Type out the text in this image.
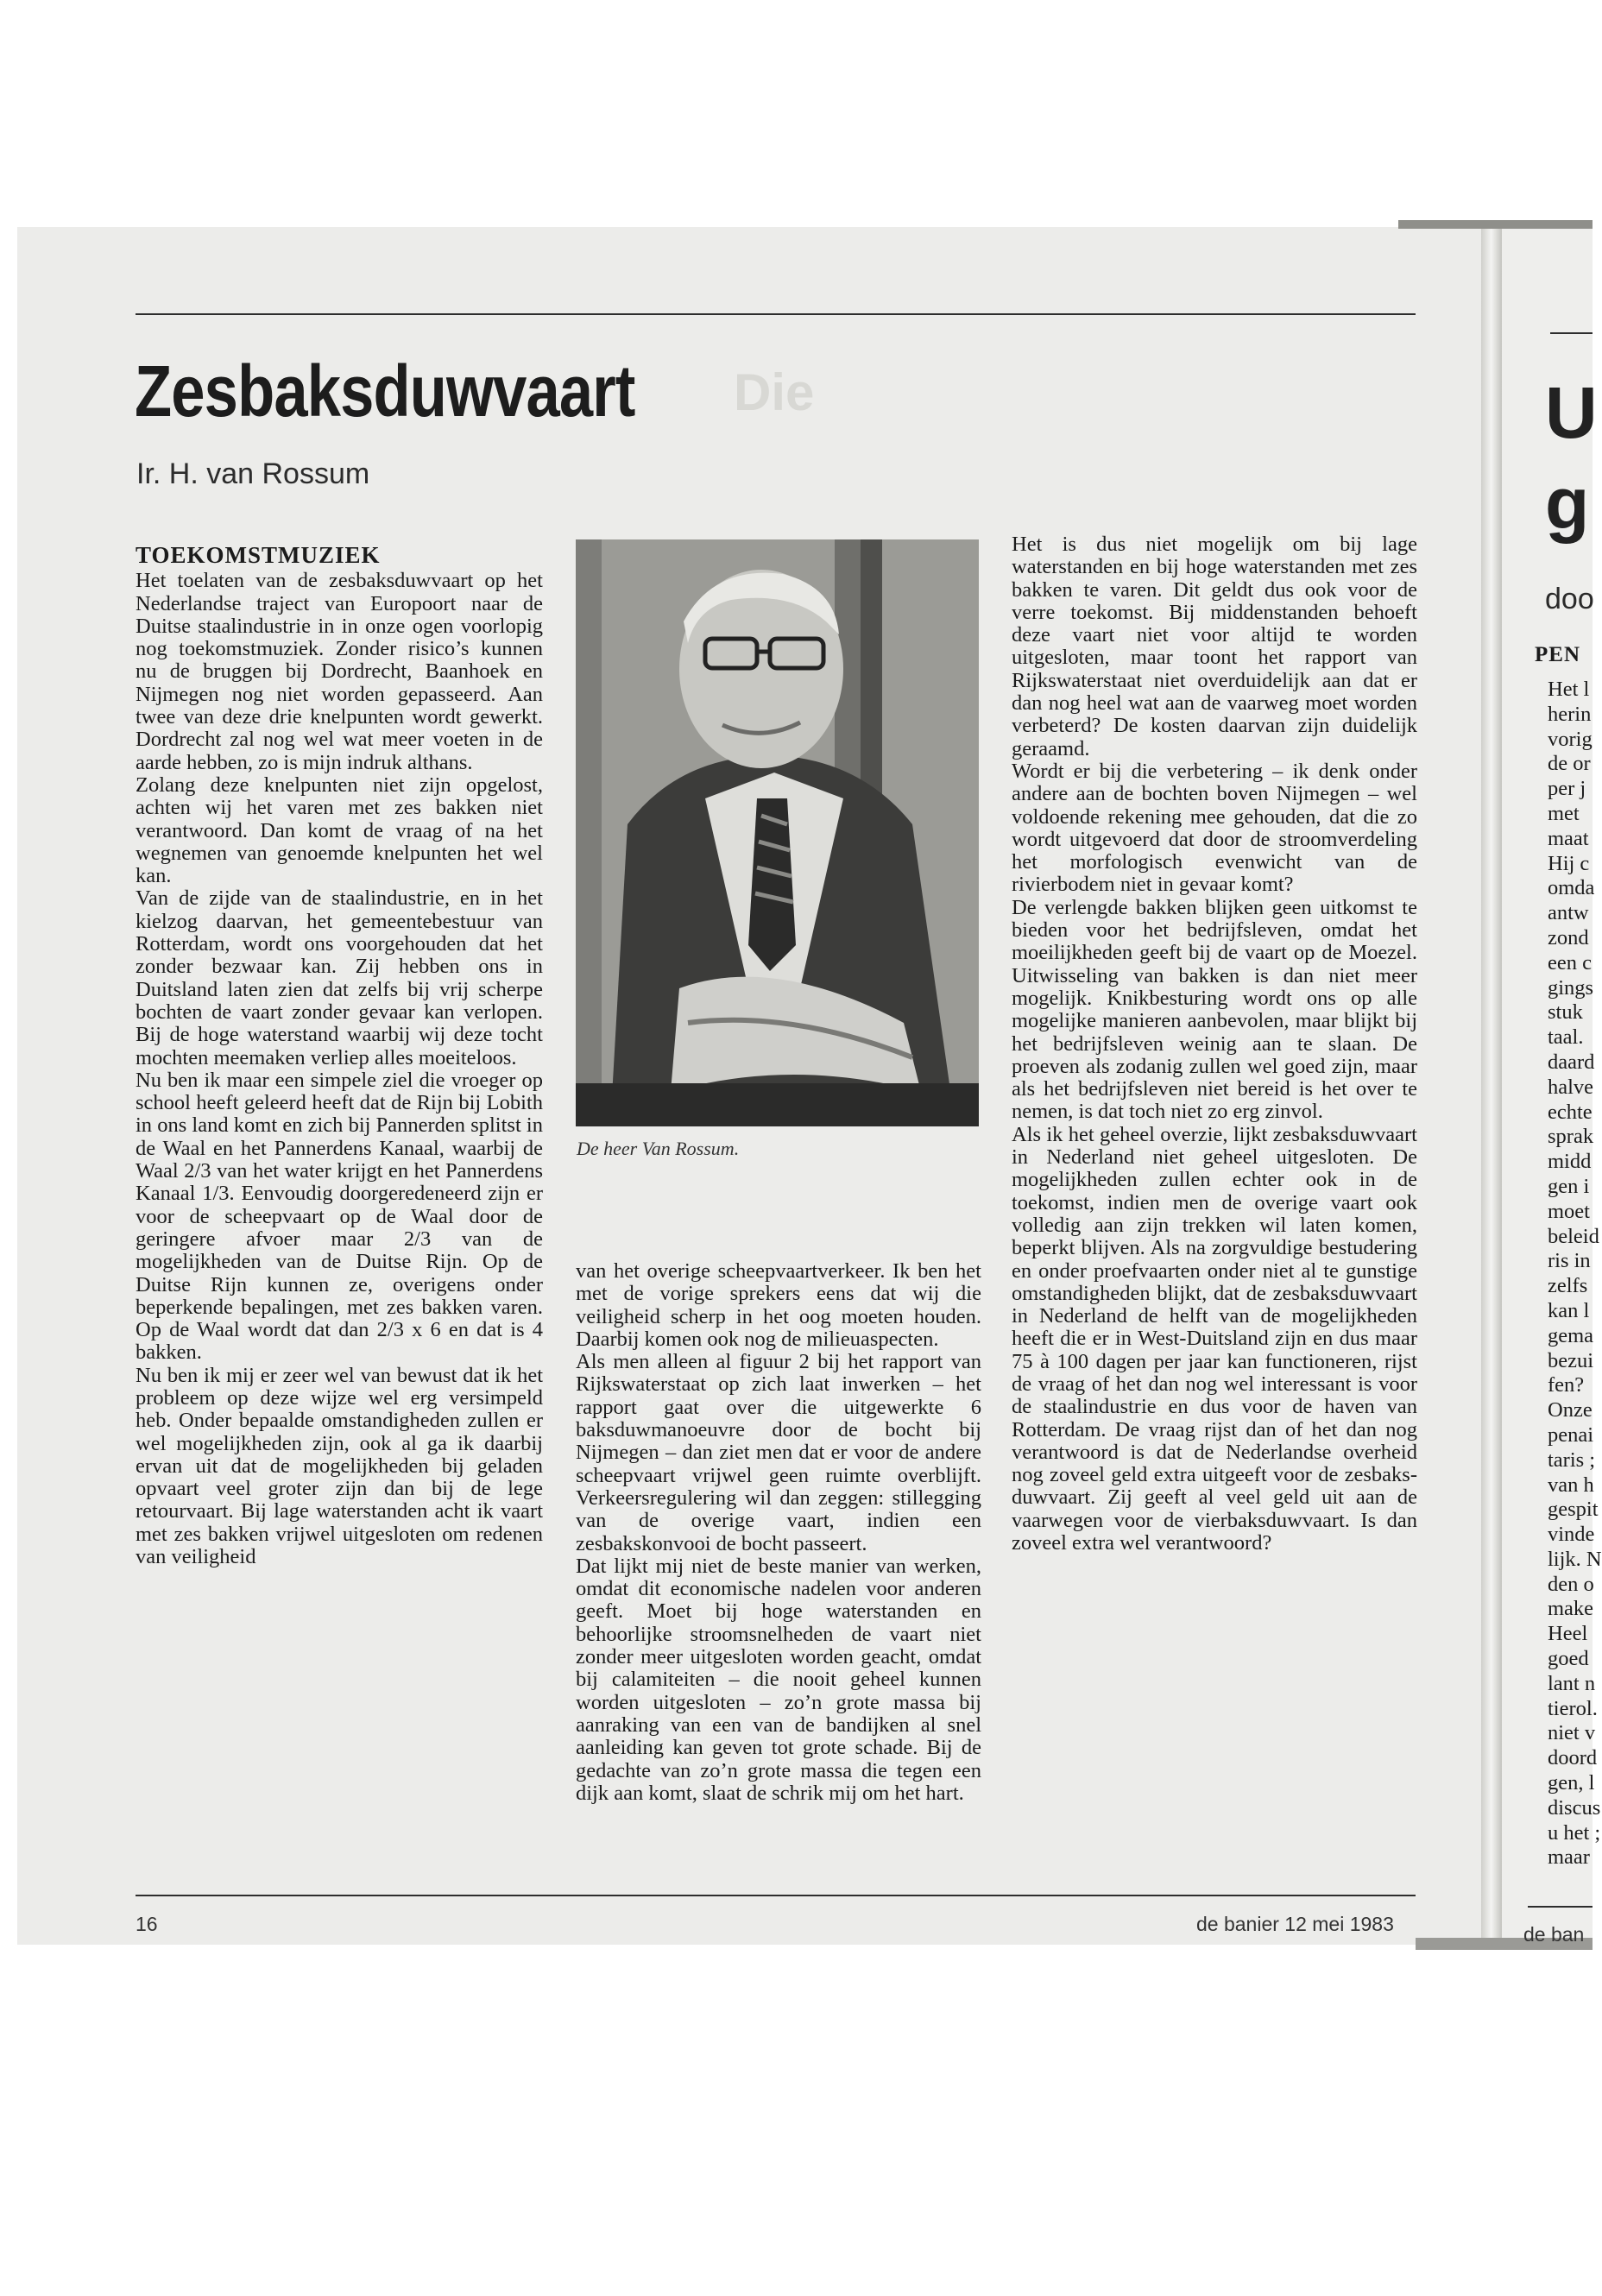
Die
Zesbaksduwvaart
Ir. H. van Rossum
TOEKOMSTMUZIEK

Het toelaten van de zesbaksduwvaart op het Nederlandse traject van Europoort naar de Duitse staalindustrie in in onze ogen voorlopig nog toekomstmuziek. Zonder risico’s kunnen nu de bruggen bij Dordrecht, Baanhoek en Nijmegen nog niet worden gepasseerd. Aan twee van deze drie knelpunten wordt gewerkt. Dordrecht zal nog wel wat meer voeten in de aarde hebben, zo is mijn indruk althans.

Zolang deze knelpunten niet zijn opgelost, achten wij het varen met zes bakken niet verantwoord. Dan komt de vraag of na het wegnemen van genoemde knelpunten het wel kan.

Van de zijde van de staalindustrie, en in het kielzog daarvan, het gemeentebestuur van Rotterdam, wordt ons voorgehouden dat het zonder bezwaar kan. Zij hebben ons in Duitsland laten zien dat zelfs bij vrij scherpe bochten de vaart zonder gevaar kan verlopen. Bij de hoge waterstand waarbij wij deze tocht mochten meemaken verliep alles moeiteloos.

Nu ben ik maar een simpele ziel die vroeger op school heeft geleerd heeft dat de Rijn bij Lobith in ons land komt en zich bij Pannerden splitst in de Waal en het Pannerdens Kanaal, waarbij de Waal 2/3 van het water krijgt en het Pannerdens Kanaal 1/3. Eenvoudig doorgeredeneerd zijn er voor de scheepvaart op de Waal door de geringere afvoer maar 2/3 van de mogelijkheden van de Duitse Rijn. Op de Duitse Rijn kunnen ze, overigens onder beperkende bepalingen, met zes bakken varen. Op de Waal wordt dat dan 2/3 x 6 en dat is 4 bakken.

Nu ben ik mij er zeer wel van bewust dat ik het probleem op deze wijze wel erg versimpeld heb. Onder bepaalde omstandigheden zullen er wel mogelijkheden zijn, ook al ga ik daarbij ervan uit dat de mogelijkheden bij geladen opvaart veel groter zijn dan bij de lege retourvaart. Bij lage waterstanden acht ik vaart met zes bakken vrijwel uitgesloten om redenen van veiligheid

De heer Van Rossum.

van het overige scheepvaartverkeer. Ik ben het met de vorige sprekers eens dat wij die veiligheid scherp in het oog moeten houden. Daarbij komen ook nog de milieuaspecten.

Als men alleen al figuur 2 bij het rapport van Rijkswaterstaat op zich laat inwerken – het rapport gaat over die uitgewerkte 6 baksduwmanoeuvre door de bocht bij Nijmegen – dan ziet men dat er voor de andere scheepvaart vrijwel geen ruimte overblijft. Verkeersregulering wil dan zeggen: stillegging van de overige vaart, indien een zesbakskonvooi de bocht passeert.

Dat lijkt mij niet de beste manier van werken, omdat dit economische nadelen voor anderen geeft. Moet bij hoge waterstanden en behoorlijke stroomsnelheden de vaart niet zonder meer uitgesloten worden geacht, omdat bij calamiteiten – die nooit geheel kunnen worden uitgesloten – zo’n grote massa bij aanraking van een van de bandijken al snel aanleiding kan geven tot grote schade. Bij de gedachte van zo’n grote massa die tegen een dijk aan komt, slaat de schrik mij om het hart.

Het is dus niet mogelijk om bij lage waterstanden en bij hoge waterstanden met zes bakken te varen. Dit geldt dus ook voor de verre toekomst. Bij middenstanden behoeft deze vaart niet voor altijd te worden uitgesloten, maar toont het rapport van Rijkswaterstaat niet overduidelijk aan dat er dan nog heel wat aan de vaarweg moet worden verbeterd? De kosten daarvan zijn duidelijk geraamd.

Wordt er bij die verbetering – ik denk onder andere aan de bochten boven Nijmegen – wel voldoende rekening mee gehouden, dat die zo wordt uitgevoerd dat door de stroomverdeling het morfologisch evenwicht van de rivierbodem niet in gevaar komt?

De verlengde bakken blijken geen uitkomst te bieden voor het bedrijfsleven, omdat het moeilijkheden geeft bij de vaart op de Moezel. Uitwisseling van bakken is dan niet meer mogelijk. Knikbesturing wordt ons op alle mogelijke manieren aanbevolen, maar blijkt bij het bedrijfsleven weinig aan te slaan. De proeven als zodanig zullen wel goed zijn, maar als het bedrijfsleven niet bereid is het over te nemen, is dat toch niet zo erg zinvol.

Als ik het geheel overzie, lijkt zesbaksduwvaart in Nederland niet geheel uitgesloten. De mogelijkheden zullen echter ook in de toekomst, indien men de overige vaart ook volledig aan zijn trekken wil laten komen, beperkt blijven. Als na zorgvuldige bestudering en onder proefvaarten onder niet al te gunstige omstandigheden blijkt, dat de zesbaksduwvaart in Nederland de helft van de mogelijkheden heeft die er in West-Duitsland zijn en dus maar 75 à 100 dagen per jaar kan functioneren, rijst de vraag of het dan nog wel interessant is voor de staalindustrie en dus voor de haven van Rotterdam. De vraag rijst dan of het dan nog verantwoord is dat de Nederlandse overheid nog zoveel geld extra uitgeeft voor de zesbaks-duwvaart. Zij geeft al veel geld uit aan de vaarwegen voor de vierbaksduwvaart. Is dan zoveel extra wel verantwoord?

16	de banier 12 mei 1983
U
g
doo
PEN
Het l
herin
vorig
de or
per j
met
maat
Hij c
omda
antw
zond
een c
gings
stuk
taal.
daard
halve
echte
sprak
midd
gen i
moet
beleid
ris in
zelfs
kan l
gema
bezui
fen?
Onze
penai
taris ;
van h
gespit
vinde
lijk. N
den o
make
Heel
goed
lant n
tierol.
niet v
doord
gen, l
discus
u het ;
maar
de ban
